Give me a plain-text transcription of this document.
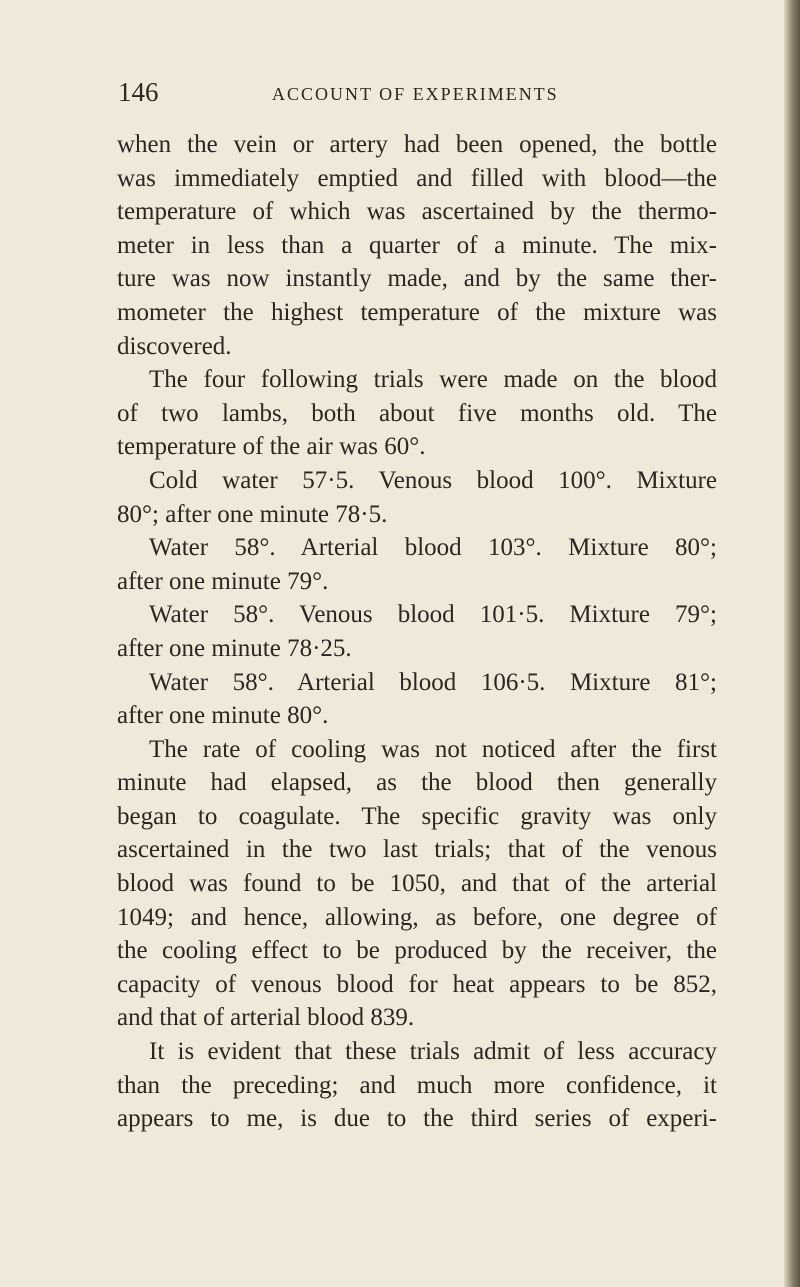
146	ACCOUNT OF EXPERIMENTS
when the vein or artery had been opened, the bottle
was immediately emptied and filled with blood—the
temperature of which was ascertained by the thermo-
meter in less than a quarter of a minute. The mix-
ture was now instantly made, and by the same ther-
mometer the highest temperature of the mixture was
discovered.
The four following trials were made on the blood
of two lambs, both about five months old. The
temperature of the air was 60°.
Cold water 57·5. Venous blood 100°. Mixture
80°; after one minute 78·5.
Water 58°. Arterial blood 103°. Mixture 80°;
after one minute 79°.
Water 58°. Venous blood 101·5. Mixture 79°;
after one minute 78·25.
Water 58°. Arterial blood 106·5. Mixture 81°;
after one minute 80°.
The rate of cooling was not noticed after the first
minute had elapsed, as the blood then generally
began to coagulate. The specific gravity was only
ascertained in the two last trials; that of the venous
blood was found to be 1050, and that of the arterial
1049; and hence, allowing, as before, one degree of
the cooling effect to be produced by the receiver, the
capacity of venous blood for heat appears to be 852,
and that of arterial blood 839.
It is evident that these trials admit of less accuracy
than the preceding; and much more confidence, it
appears to me, is due to the third series of experi-
